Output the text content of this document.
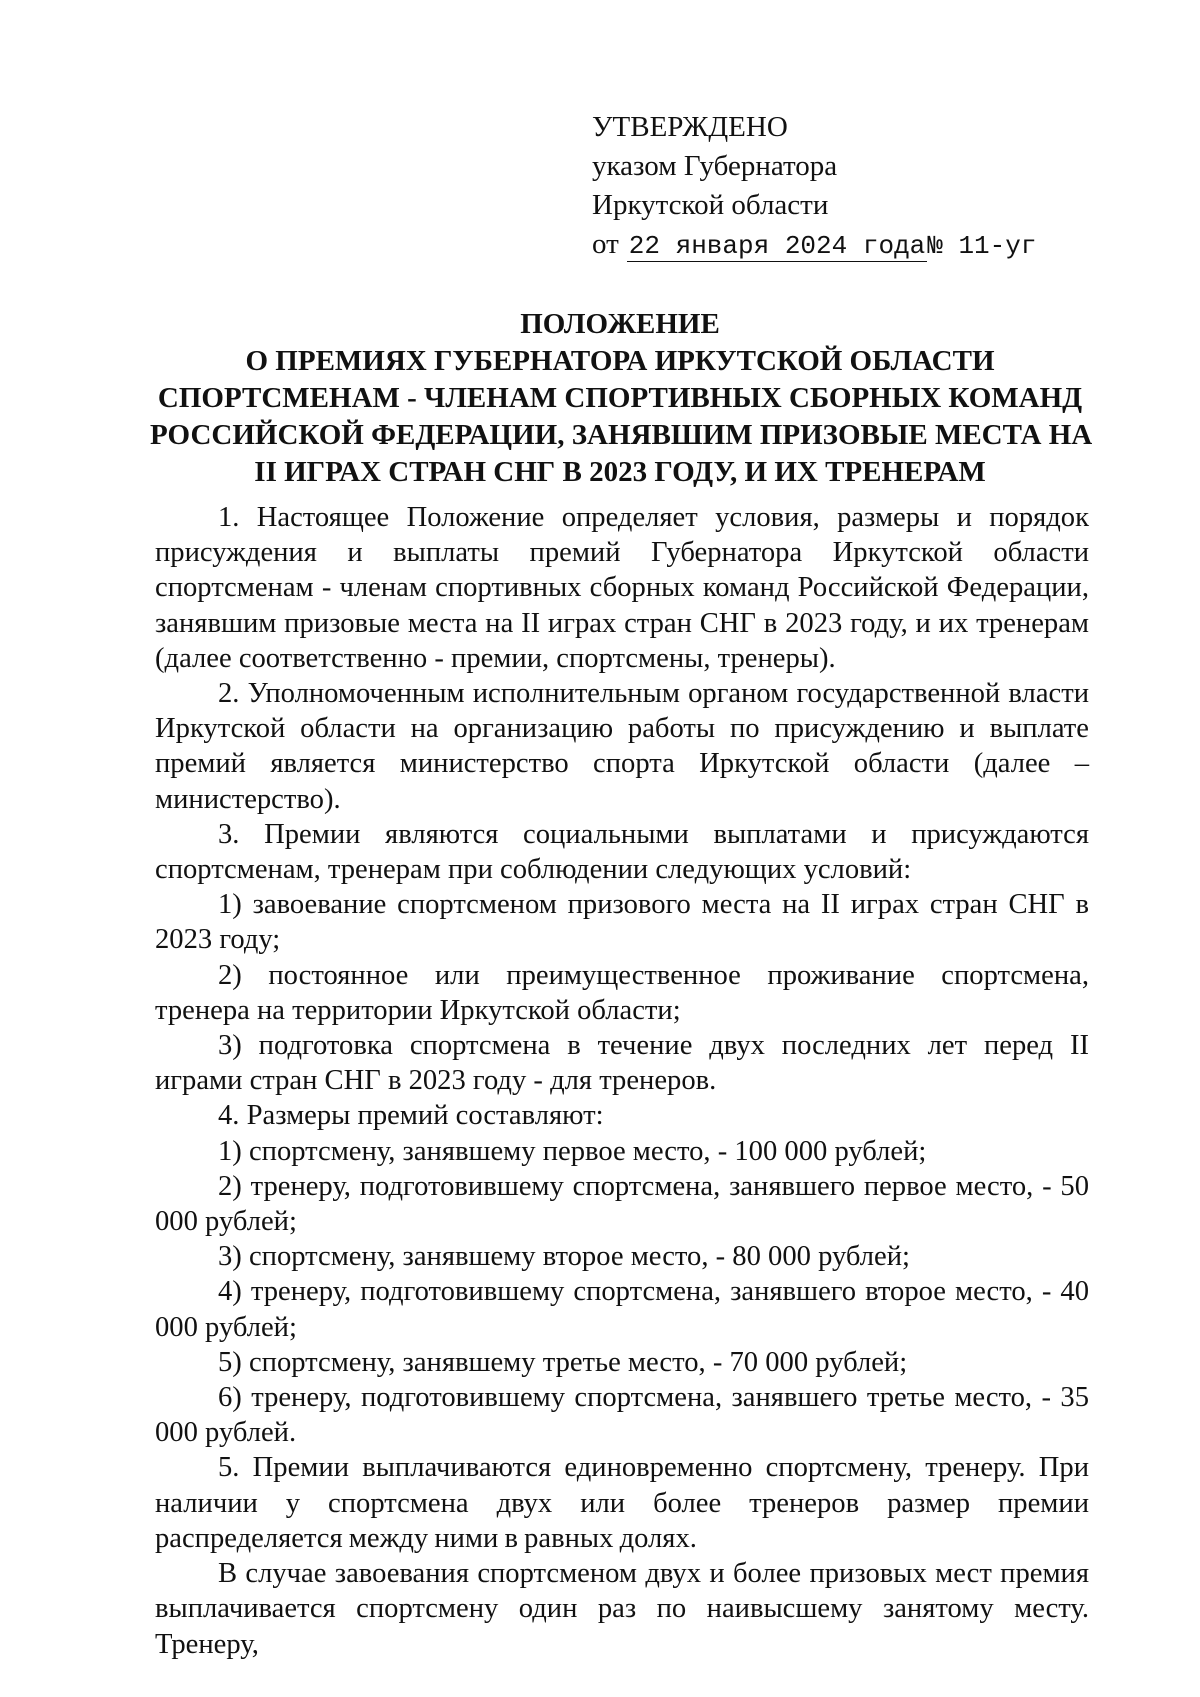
УТВЕРЖДЕНО
указом Губернатора
Иркутской области
от 22 января 2024 года№ 11-уг
ПОЛОЖЕНИЕ
О ПРЕМИЯХ ГУБЕРНАТОРА ИРКУТСКОЙ ОБЛАСТИ
СПОРТСМЕНАМ - ЧЛЕНАМ СПОРТИВНЫХ СБОРНЫХ КОМАНД
РОССИЙСКОЙ ФЕДЕРАЦИИ, ЗАНЯВШИМ ПРИЗОВЫЕ МЕСТА НА
II ИГРАХ СТРАН СНГ В 2023 ГОДУ, И ИХ ТРЕНЕРАМ

1. Настоящее Положение определяет условия, размеры и порядок присуждения и выплаты премий Губернатора Иркутской области спортсменам - членам спортивных сборных команд Российской Федерации, занявшим призовые места на II играх стран СНГ в 2023 году, и их тренерам (далее соответственно - премии, спортсмены, тренеры).

2. Уполномоченным исполнительным органом государственной власти Иркутской области на организацию работы по присуждению и выплате премий является министерство спорта Иркутской области (далее – министерство).

3. Премии являются социальными выплатами и присуждаются спортсменам, тренерам при соблюдении следующих условий:

1) завоевание спортсменом призового места на II играх стран СНГ в 2023 году;

2) постоянное или преимущественное проживание спортсмена, тренера на территории Иркутской области;

3) подготовка спортсмена в течение двух последних лет перед II играми стран СНГ в 2023 году - для тренеров.

4. Размеры премий составляют:

1) спортсмену, занявшему первое место, - 100 000 рублей;

2) тренеру, подготовившему спортсмена, занявшего первое место, - 50 000 рублей;

3) спортсмену, занявшему второе место, - 80 000 рублей;

4) тренеру, подготовившему спортсмена, занявшего второе место, - 40 000 рублей;

5) спортсмену, занявшему третье место, - 70 000 рублей;

6) тренеру, подготовившему спортсмена, занявшего третье место, - 35 000 рублей.

5. Премии выплачиваются единовременно спортсмену, тренеру. При наличии у спортсмена двух или более тренеров размер премии распределяется между ними в равных долях.

В случае завоевания спортсменом двух и более призовых мест премия выплачивается спортсмену один раз по наивысшему занятому месту. Тренеру,
